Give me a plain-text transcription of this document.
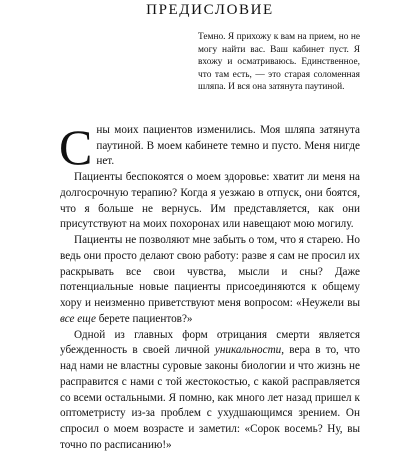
ПРЕДИСЛОВИЕ
Темно. Я прихожу к вам на прием, но не могу найти вас. Ваш кабинет пуст. Я вхожу и осматриваюсь. Единственное, что там есть, — это старая соломенная шляпа. И вся она затянута паутиной.

Сны моих пациентов изменились. Моя шляпа затянута паутиной. В моем кабинете темно и пусто. Меня нигде нет.

Пациенты беспокоятся о моем здоровье: хватит ли меня на долгосрочную терапию? Когда я уезжаю в отпуск, они боятся, что я больше не вернусь. Им представляется, как они присутствуют на моих похоронах или навещают мою могилу.

Пациенты не позволяют мне забыть о том, что я старею. Но ведь они просто делают свою работу: разве я сам не просил их раскрывать все свои чувства, мысли и сны? Даже потенциальные новые пациенты присоединяются к общему хору и неизменно приветствуют меня вопросом: «Неужели вы все еще берете пациентов?»

Одной из главных форм отрицания смерти является убежденность в своей личной уникальности, вера в то, что над нами не властны суровые законы биологии и что жизнь не расправится с нами с той жестокостью, с какой расправляется со всеми остальными. Я помню, как много лет назад пришел к оптометристу из-за проблем с ухудшающимся зрением. Он спросил о моем возрасте и заметил: «Сорок восемь? Ну, вы точно по расписанию!»
